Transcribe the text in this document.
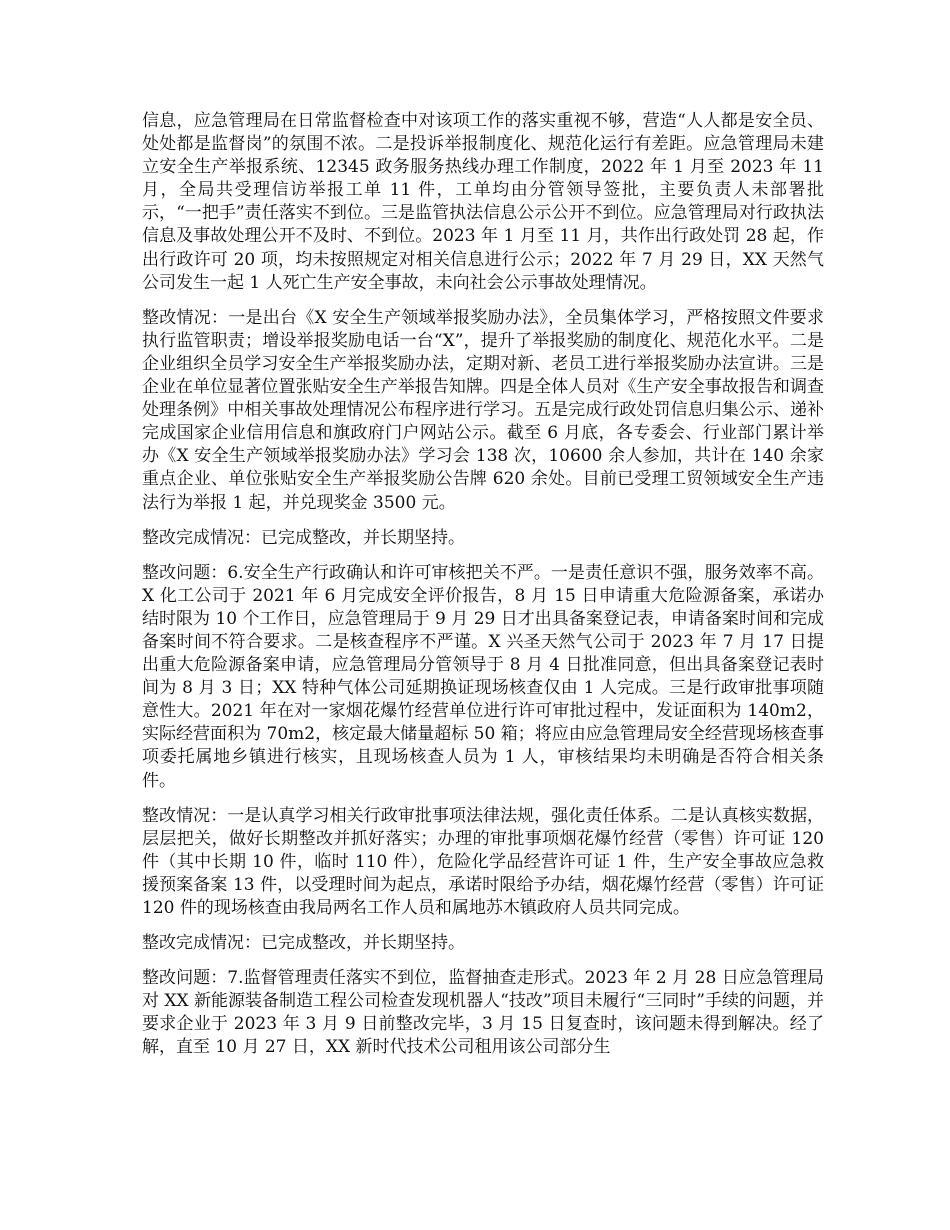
信息，应急管理局在日常监督检查中对该项工作的落实重视不够，营造“人人都是安全员、处处都是监督岗”的氛围不浓。二是投诉举报制度化、规范化运行有差距。应急管理局未建立安全生产举报系统、12345 政务服务热线办理工作制度，2022 年 1 月至 2023 年 11 月，全局共受理信访举报工单 11 件，工单均由分管领导签批，主要负责人未部署批示，“一把手”责任落实不到位。三是监管执法信息公示公开不到位。应急管理局对行政执法信息及事故处理公开不及时、不到位。2023 年 1 月至 11 月，共作出行政处罚 28 起，作出行政许可 20 项，均未按照规定对相关信息进行公示；2022 年 7 月 29 日，XX 天然气公司发生一起 1 人死亡生产安全事故，未向社会公示事故处理情况。

整改情况：一是出台《X 安全生产领域举报奖励办法》，全员集体学习，严格按照文件要求执行监管职责；增设举报奖励电话一台“X”，提升了举报奖励的制度化、规范化水平。二是企业组织全员学习安全生产举报奖励办法，定期对新、老员工进行举报奖励办法宣讲。三是企业在单位显著位置张贴安全生产举报告知牌。四是全体人员对《生产安全事故报告和调查处理条例》中相关事故处理情况公布程序进行学习。五是完成行政处罚信息归集公示、递补完成国家企业信用信息和旗政府门户网站公示。截至 6 月底，各专委会、行业部门累计举办《X 安全生产领域举报奖励办法》学习会 138 次，10600 余人参加，共计在 140 余家重点企业、单位张贴安全生产举报奖励公告牌 620 余处。目前已受理工贸领域安全生产违法行为举报 1 起，并兑现奖金 3500 元。

整改完成情况：已完成整改，并长期坚持。

整改问题：6.安全生产行政确认和许可审核把关不严。一是责任意识不强，服务效率不高。X 化工公司于 2021 年 6 月完成安全评价报告，8 月 15 日申请重大危险源备案，承诺办结时限为 10 个工作日，应急管理局于 9 月 29 日才出具备案登记表，申请备案时间和完成备案时间不符合要求。二是核查程序不严谨。X 兴圣天然气公司于 2023 年 7 月 17 日提出重大危险源备案申请，应急管理局分管领导于 8 月 4 日批准同意，但出具备案登记表时间为 8 月 3 日；XX 特种气体公司延期换证现场核查仅由 1 人完成。三是行政审批事项随意性大。2021 年在对一家烟花爆竹经营单位进行许可审批过程中，发证面积为 140m2，实际经营面积为 70m2，核定最大储量超标 50 箱；将应由应急管理局安全经营现场核查事项委托属地乡镇进行核实，且现场核查人员为 1 人，审核结果均未明确是否符合相关条件。

整改情况：一是认真学习相关行政审批事项法律法规，强化责任体系。二是认真核实数据，层层把关，做好长期整改并抓好落实；办理的审批事项烟花爆竹经营（零售）许可证 120 件（其中长期 10 件，临时 110 件），危险化学品经营许可证 1 件，生产安全事故应急救援预案备案 13 件，以受理时间为起点，承诺时限给予办结，烟花爆竹经营（零售）许可证 120 件的现场核查由我局两名工作人员和属地苏木镇政府人员共同完成。

整改完成情况：已完成整改，并长期坚持。

整改问题：7.监督管理责任落实不到位，监督抽查走形式。2023 年 2 月 28 日应急管理局对 XX 新能源装备制造工程公司检查发现机器人“技改”项目未履行“三同时”手续的问题，并要求企业于 2023 年 3 月 9 日前整改完毕，3 月 15 日复查时，该问题未得到解决。经了解，直至 10 月 27 日，XX 新时代技术公司租用该公司部分生
